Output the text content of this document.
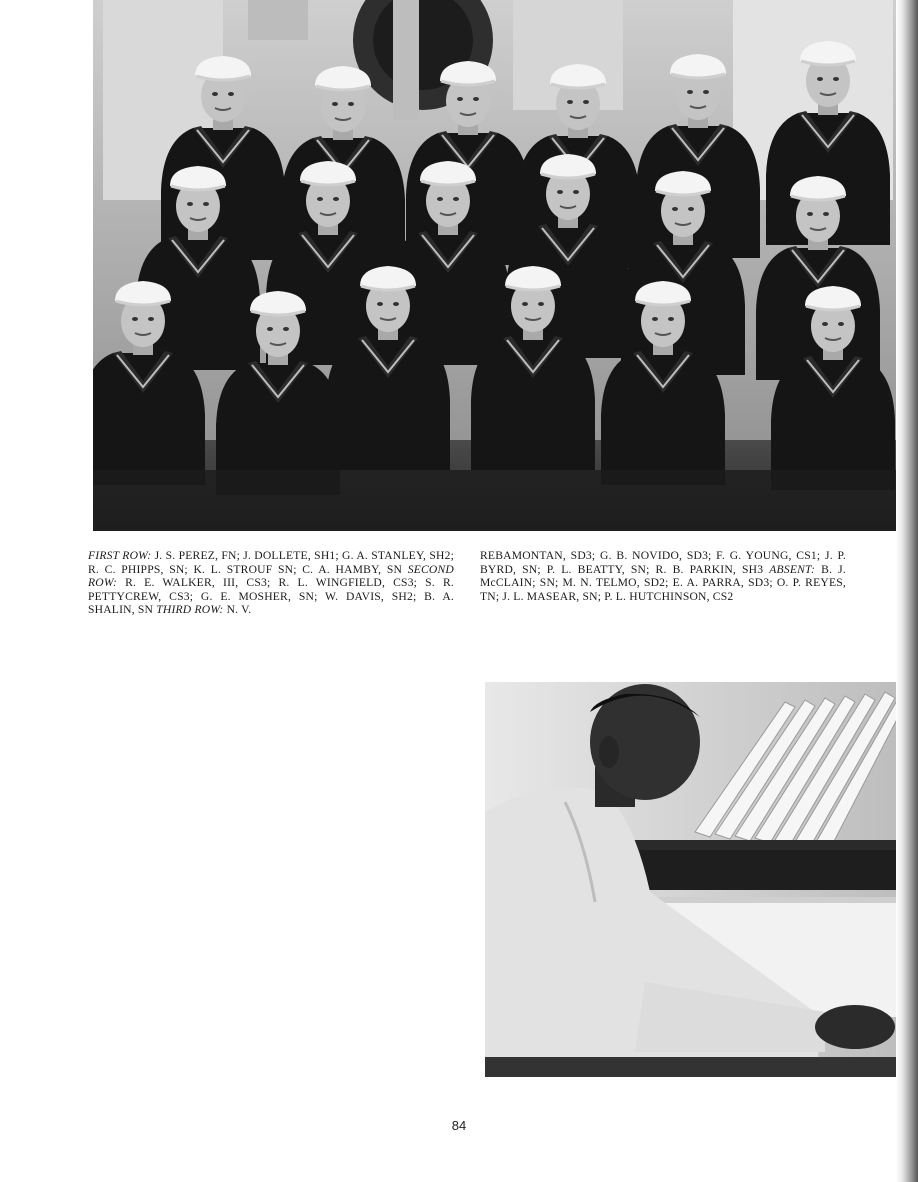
FIRST ROW: J. S. PEREZ, FN; J. DOLLETE, SH1; G. A. STANLEY, SH2; R. C. PHIPPS, SN; K. L. STROUF SN; C. A. HAMBY, SN SECOND ROW: R. E. WALKER, III, CS3; R. L. WINGFIELD, CS3; S. R. PETTYCREW, CS3; G. E. MOSHER, SN; W. DAVIS, SH2; B. A. SHALIN, SN THIRD ROW: N. V.
REBAMONTAN, SD3; G. B. NOVIDO, SD3; F. G. YOUNG, CS1; J. P. BYRD, SN; P. L. BEATTY, SN; R. B. PARKIN, SH3 ABSENT: B. J. McCLAIN; SN; M. N. TELMO, SD2; E. A. PARRA, SD3; O. P. REYES, TN; J. L. MASEAR, SN; P. L. HUTCHINSON, CS2
84
